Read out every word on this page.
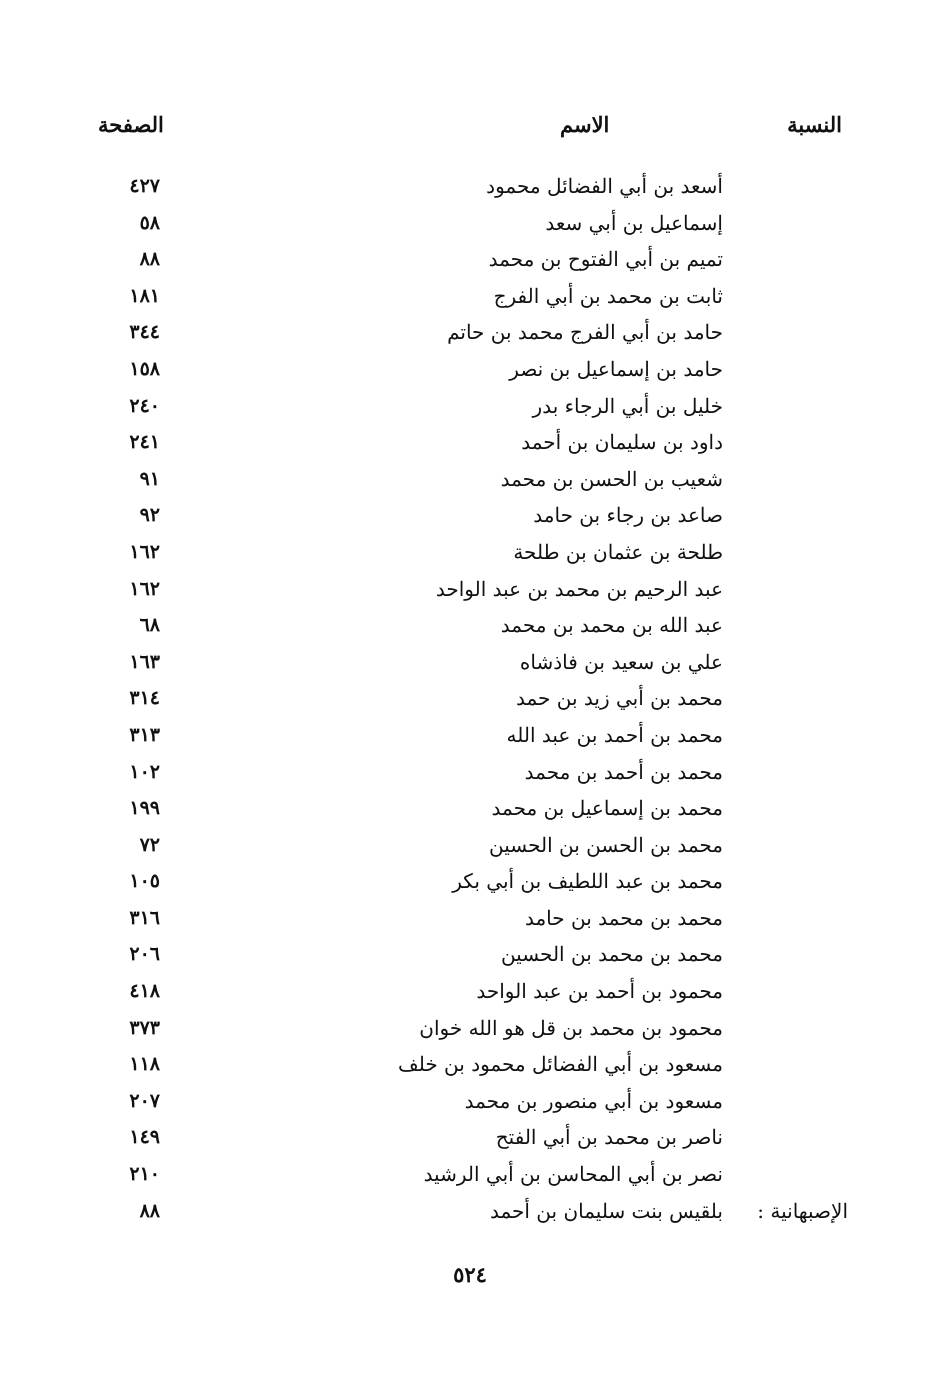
النسبة
الاسم
الصفحة
أسعد بن أبي الفضائل محمود
٤٢٧
إسماعيل بن أبي سعد
٥٨
تميم بن أبي الفتوح بن محمد
٨٨
ثابت بن محمد بن أبي الفرج
١٨١
حامد بن أبي الفرج محمد بن حاتم
٣٤٤
حامد بن إسماعيل بن نصر
١٥٨
خليل بن أبي الرجاء بدر
٢٤٠
داود بن سليمان بن أحمد
٢٤١
شعيب بن الحسن بن محمد
٩١
صاعد بن رجاء بن حامد
٩٢
طلحة بن عثمان بن طلحة
١٦٢
عبد الرحيم بن محمد بن عبد الواحد
١٦٢
عبد الله بن محمد بن محمد
٦٨
علي بن سعيد بن فاذشاه
١٦٣
محمد بن أبي زيد بن حمد
٣١٤
محمد بن أحمد بن عبد الله
٣١٣
محمد بن أحمد بن محمد
١٠٢
محمد بن إسماعيل بن محمد
١٩٩
محمد بن الحسن بن الحسين
٧٢
محمد بن عبد اللطيف بن أبي بكر
١٠٥
محمد بن محمد بن حامد
٣١٦
محمد بن محمد بن الحسين
٢٠٦
محمود بن أحمد بن عبد الواحد
٤١٨
محمود بن محمد بن قل هو الله خوان
٣٧٣
مسعود بن أبي الفضائل محمود بن خلف
١١٨
مسعود بن أبي منصور بن محمد
٢٠٧
ناصر بن محمد بن أبي الفتح
١٤٩
نصر بن أبي المحاسن بن أبي الرشيد
٢١٠
الإصبهانية :
بلقيس بنت سليمان بن أحمد
٨٨
٥٢٤
